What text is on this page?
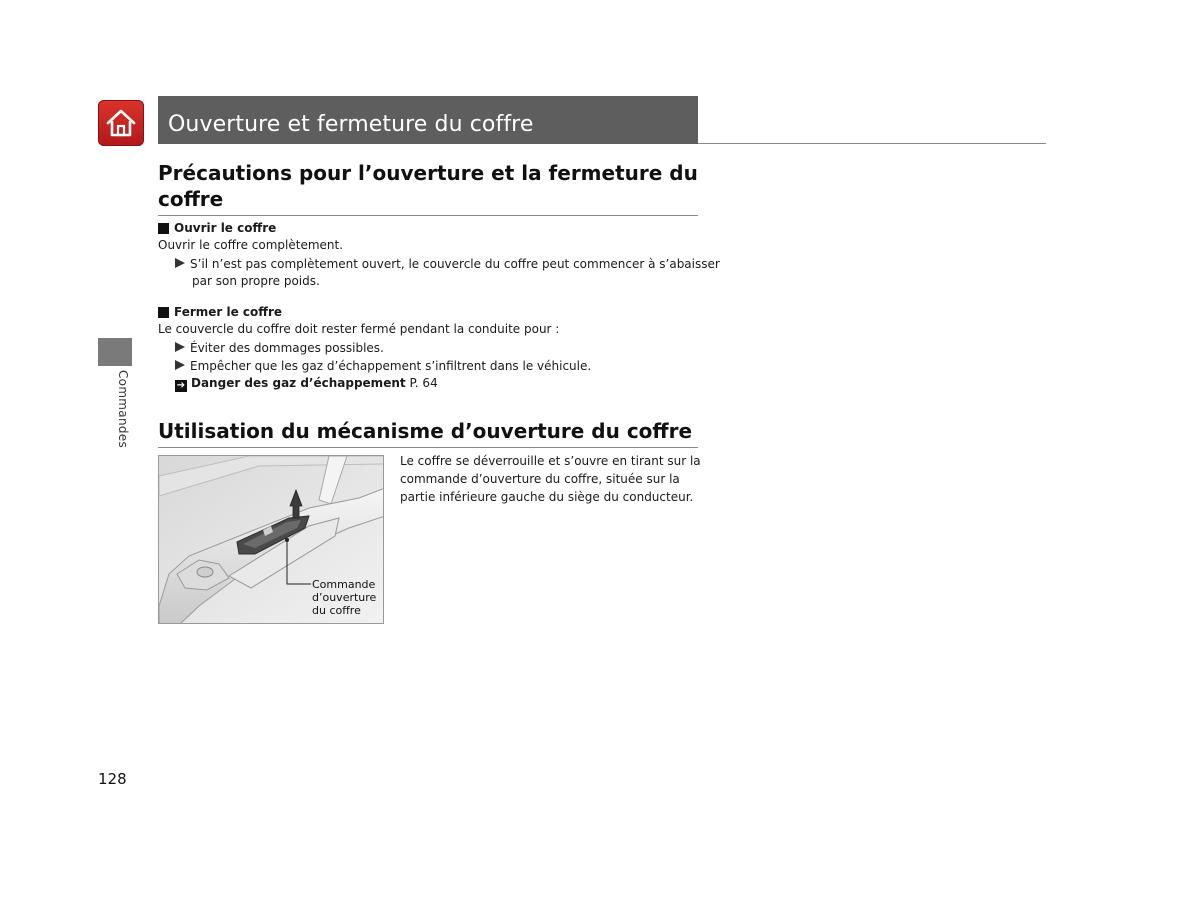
Ouverture et fermeture du coffre
Commandes
Précautions pour l’ouverture et la fermeture du
coffre
Ouvrir le coffre
Ouvrir le coffre complètement.
S’il n’est pas complètement ouvert, le couvercle du coffre peut commencer à s’abaisser
par son propre poids.
Fermer le coffre
Le couvercle du coffre doit rester fermé pendant la conduite pour :
Éviter des dommages possibles.
Empêcher que les gaz d’échappement s’infiltrent dans le véhicule.
➔ Danger des gaz d’échappement P. 64
Utilisation du mécanisme d’ouverture du coffre
Commande
d’ouverture
du coffre
Le coffre se déverrouille et s’ouvre en tirant sur la
commande d’ouverture du coffre, située sur la
partie inférieure gauche du siège du conducteur.
128
